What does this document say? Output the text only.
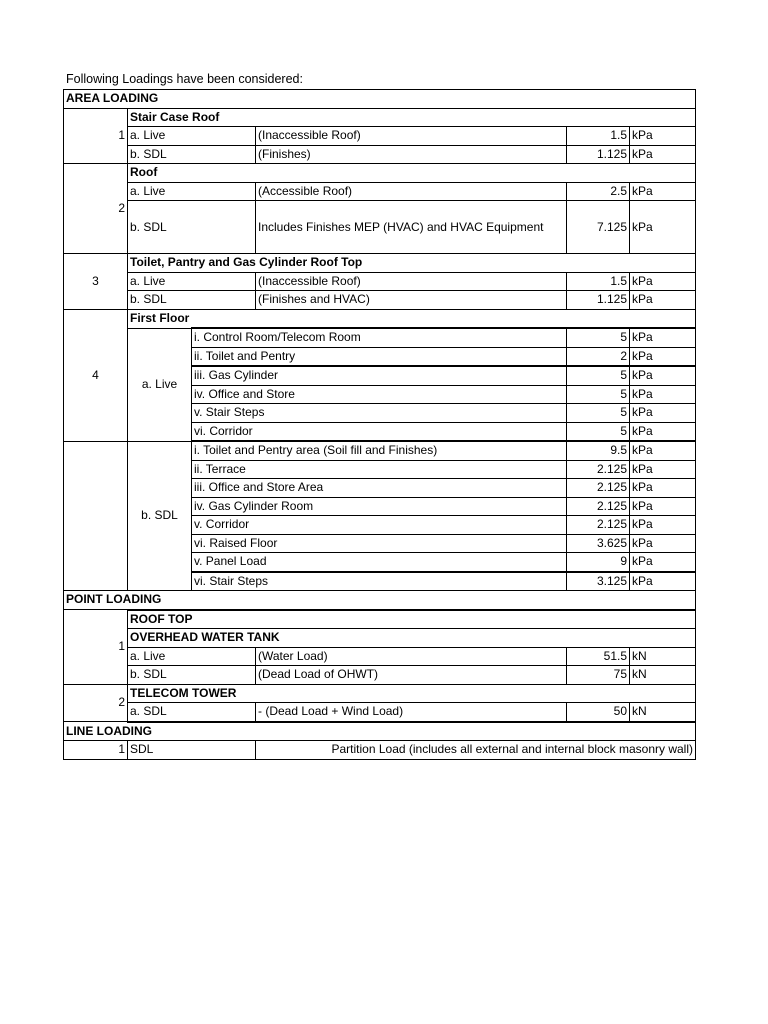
Following Loadings have been considered:
AREA LOADING					
1	Stair Case Roof				
	a. Live		(Inaccessible Roof)	1.5	kPa
	b. SDL		(Finishes)	1.125	kPa
2	Roof				
	a. Live		(Accessible Roof)	2.5	kPa
	b. SDL		Includes Finishes MEP (HVAC) and HVAC Equipment	7.125	kPa
3	Toilet, Pantry and Gas Cylinder Roof Top				
	a. Live		(Inaccessible Roof)	1.5	kPa
	b. SDL		(Finishes and HVAC)	1.125	kPa
4	First Floor				
	a. Live	i. Control Room/Telecom Room		5	kPa
		ii. Toilet and Pentry		2	kPa
		iii. Gas Cylinder		5	kPa
		iv. Office and Store		5	kPa
		v. Stair Steps		5	kPa
		vi. Corridor		5	kPa
	b. SDL	i. Toilet and Pentry area (Soil fill and Finishes)		9.5	kPa
		ii. Terrace		2.125	kPa
		iii. Office and Store Area		2.125	kPa
		iv. Gas Cylinder Room		2.125	kPa
		v. Corridor		2.125	kPa
		vi. Raised Floor		3.625	kPa
		v. Panel Load		9	kPa
		vi. Stair Steps		3.125	kPa
POINT LOADING					
1	ROOF TOP				
	OVERHEAD WATER TANK				
	a. Live		(Water Load)	51.5	kN
	b. SDL		(Dead Load of OHWT)	75	kN
2	TELECOM TOWER				
	a. SDL		- (Dead Load + Wind Load)	50	kN
LINE LOADING					
1	SDL		Partition Load (includes all external and internal block masonry wall)		
